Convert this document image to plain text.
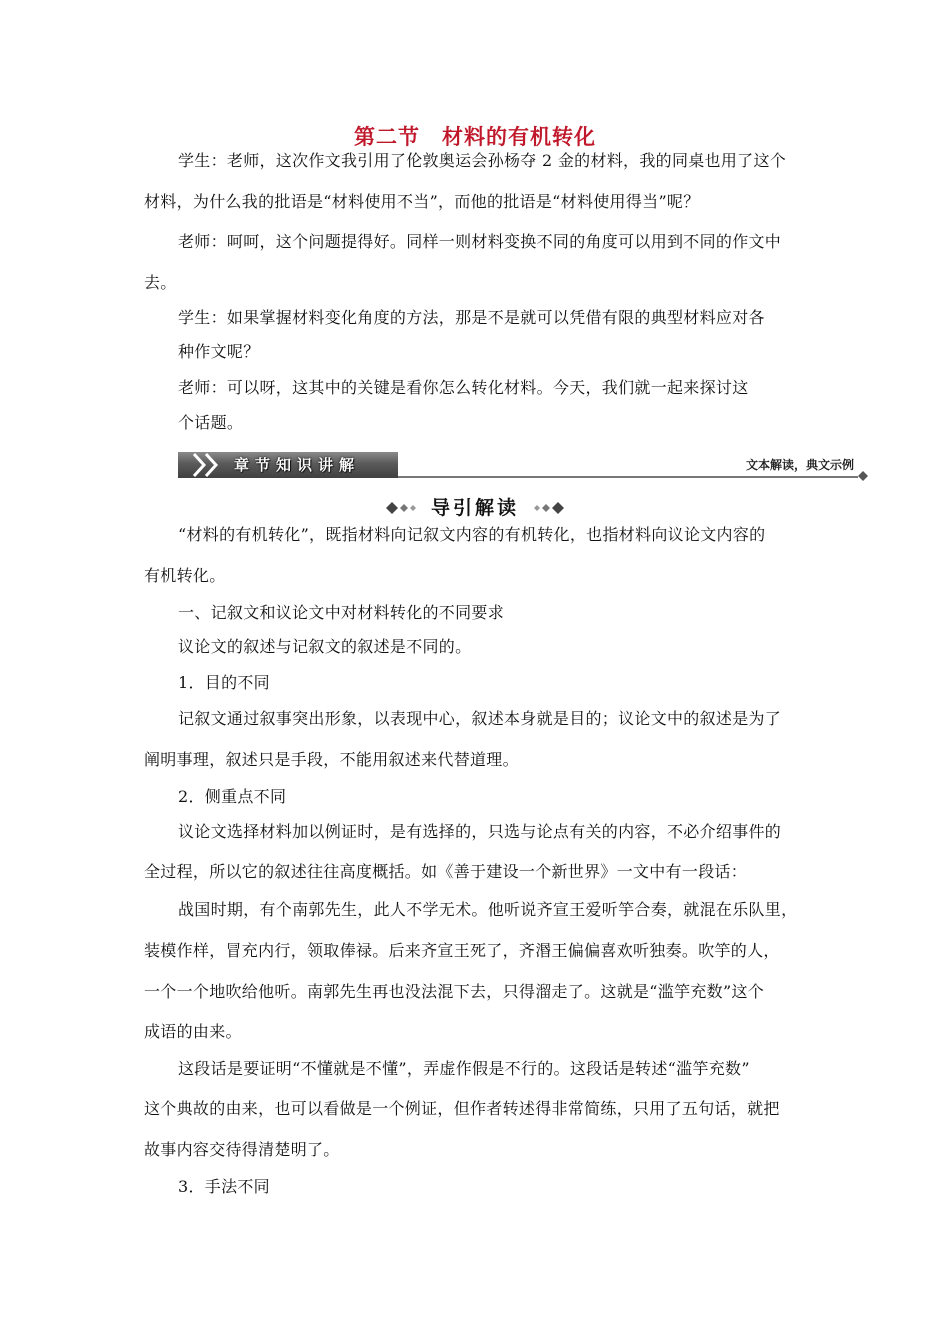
第二节 材料的有机转化
学生：老师，这次作文我引用了伦敦奥运会孙杨夺 2 金的材料，我的同桌也用了这个
材料，为什么我的批语是“材料使用不当”，而他的批语是“材料使用得当”呢？
老师：呵呵，这个问题提得好。同样一则材料变换不同的角度可以用到不同的作文中
去。
学生：如果掌握材料变化角度的方法，那是不是就可以凭借有限的典型材料应对各
种作文呢？
老师：可以呀，这其中的关键是看你怎么转化材料。今天，我们就一起来探讨这
个话题。
章节知识讲解	文本解读，典文示例
导引解读
“材料的有机转化”，既指材料向记叙文内容的有机转化，也指材料向议论文内容的
有机转化。
一、记叙文和议论文中对材料转化的不同要求
议论文的叙述与记叙文的叙述是不同的。
1．目的不同
记叙文通过叙事突出形象，以表现中心，叙述本身就是目的；议论文中的叙述是为了
阐明事理，叙述只是手段，不能用叙述来代替道理。
2．侧重点不同
议论文选择材料加以例证时，是有选择的，只选与论点有关的内容，不必介绍事件的
全过程，所以它的叙述往往高度概括。如《善于建设一个新世界》一文中有一段话：
战国时期，有个南郭先生，此人不学无术。他听说齐宣王爱听竽合奏，就混在乐队里，
装模作样，冒充内行，领取俸禄。后来齐宣王死了，齐湣王偏偏喜欢听独奏。吹竽的人，
一个一个地吹给他听。南郭先生再也没法混下去，只得溜走了。这就是“滥竽充数”这个
成语的由来。
这段话是要证明“不懂就是不懂”，弄虚作假是不行的。这段话是转述“滥竽充数”
这个典故的由来，也可以看做是一个例证，但作者转述得非常简练，只用了五句话，就把
故事内容交待得清楚明了。
3．手法不同
